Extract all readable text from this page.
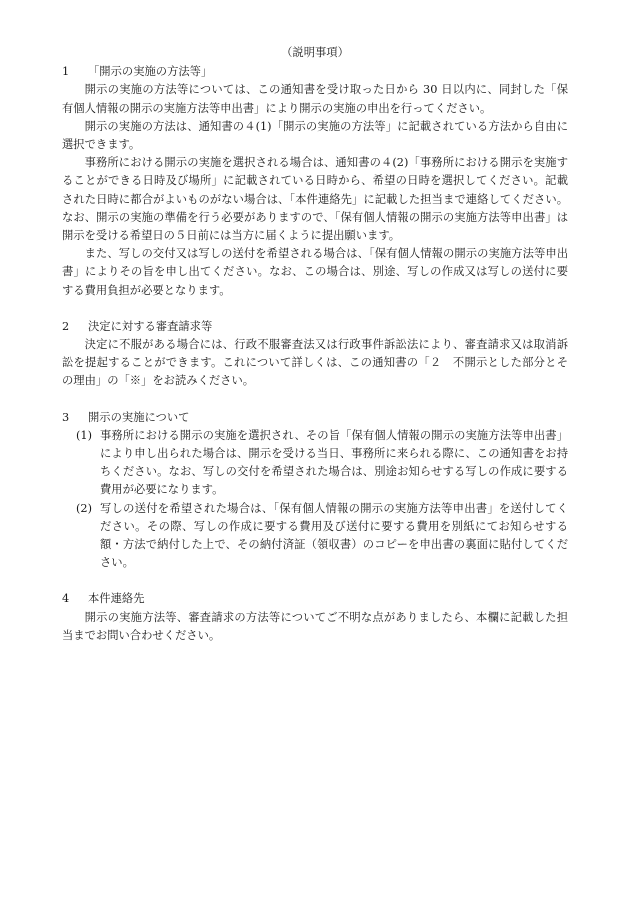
（説明事項）
1	「開示の実施の方法等」

開示の実施の方法等については、この通知書を受け取った日から 30 日以内に、同封した「保有個人情報の開示の実施方法等申出書」により開示の実施の申出を行ってください。

開示の実施の方法は、通知書の４(1)「開示の実施の方法等」に記載されている方法から自由に選択できます。

事務所における開示の実施を選択される場合は、通知書の４(2)「事務所における開示を実施することができる日時及び場所」に記載されている日時から、希望の日時を選択してください。記載された日時に都合がよいものがない場合は、「本件連絡先」に記載した担当まで連絡してください。なお、開示の実施の準備を行う必要がありますので、「保有個人情報の開示の実施方法等申出書」は開示を受ける希望日の５日前には当方に届くように提出願います。

また、写しの交付又は写しの送付を希望される場合は、「保有個人情報の開示の実施方法等申出書」によりその旨を申し出てください。なお、この場合は、別途、写しの作成又は写しの送付に要する費用負担が必要となります。

2	決定に対する審査請求等

決定に不服がある場合には、行政不服審査法又は行政事件訴訟法により、審査請求又は取消訴訟を提起することができます。これについて詳しくは、この通知書の「２　不開示とした部分とその理由」の「※」をお読みください。

3	開示の実施について
(1) 事務所における開示の実施を選択され、その旨「保有個人情報の開示の実施方法等申出書」により申し出られた場合は、開示を受ける当日、事務所に来られる際に、この通知書をお持ちください。なお、写しの交付を希望された場合は、別途お知らせする写しの作成に要する費用が必要になります。
(2) 写しの送付を希望された場合は、「保有個人情報の開示の実施方法等申出書」を送付してください。その際、写しの作成に要する費用及び送付に要する費用を別紙にてお知らせする額・方法で納付した上で、その納付済証（領収書）のコピーを申出書の裏面に貼付してください。
4	本件連絡先

開示の実施方法等、審査請求の方法等についてご不明な点がありましたら、本欄に記載した担当までお問い合わせください。
